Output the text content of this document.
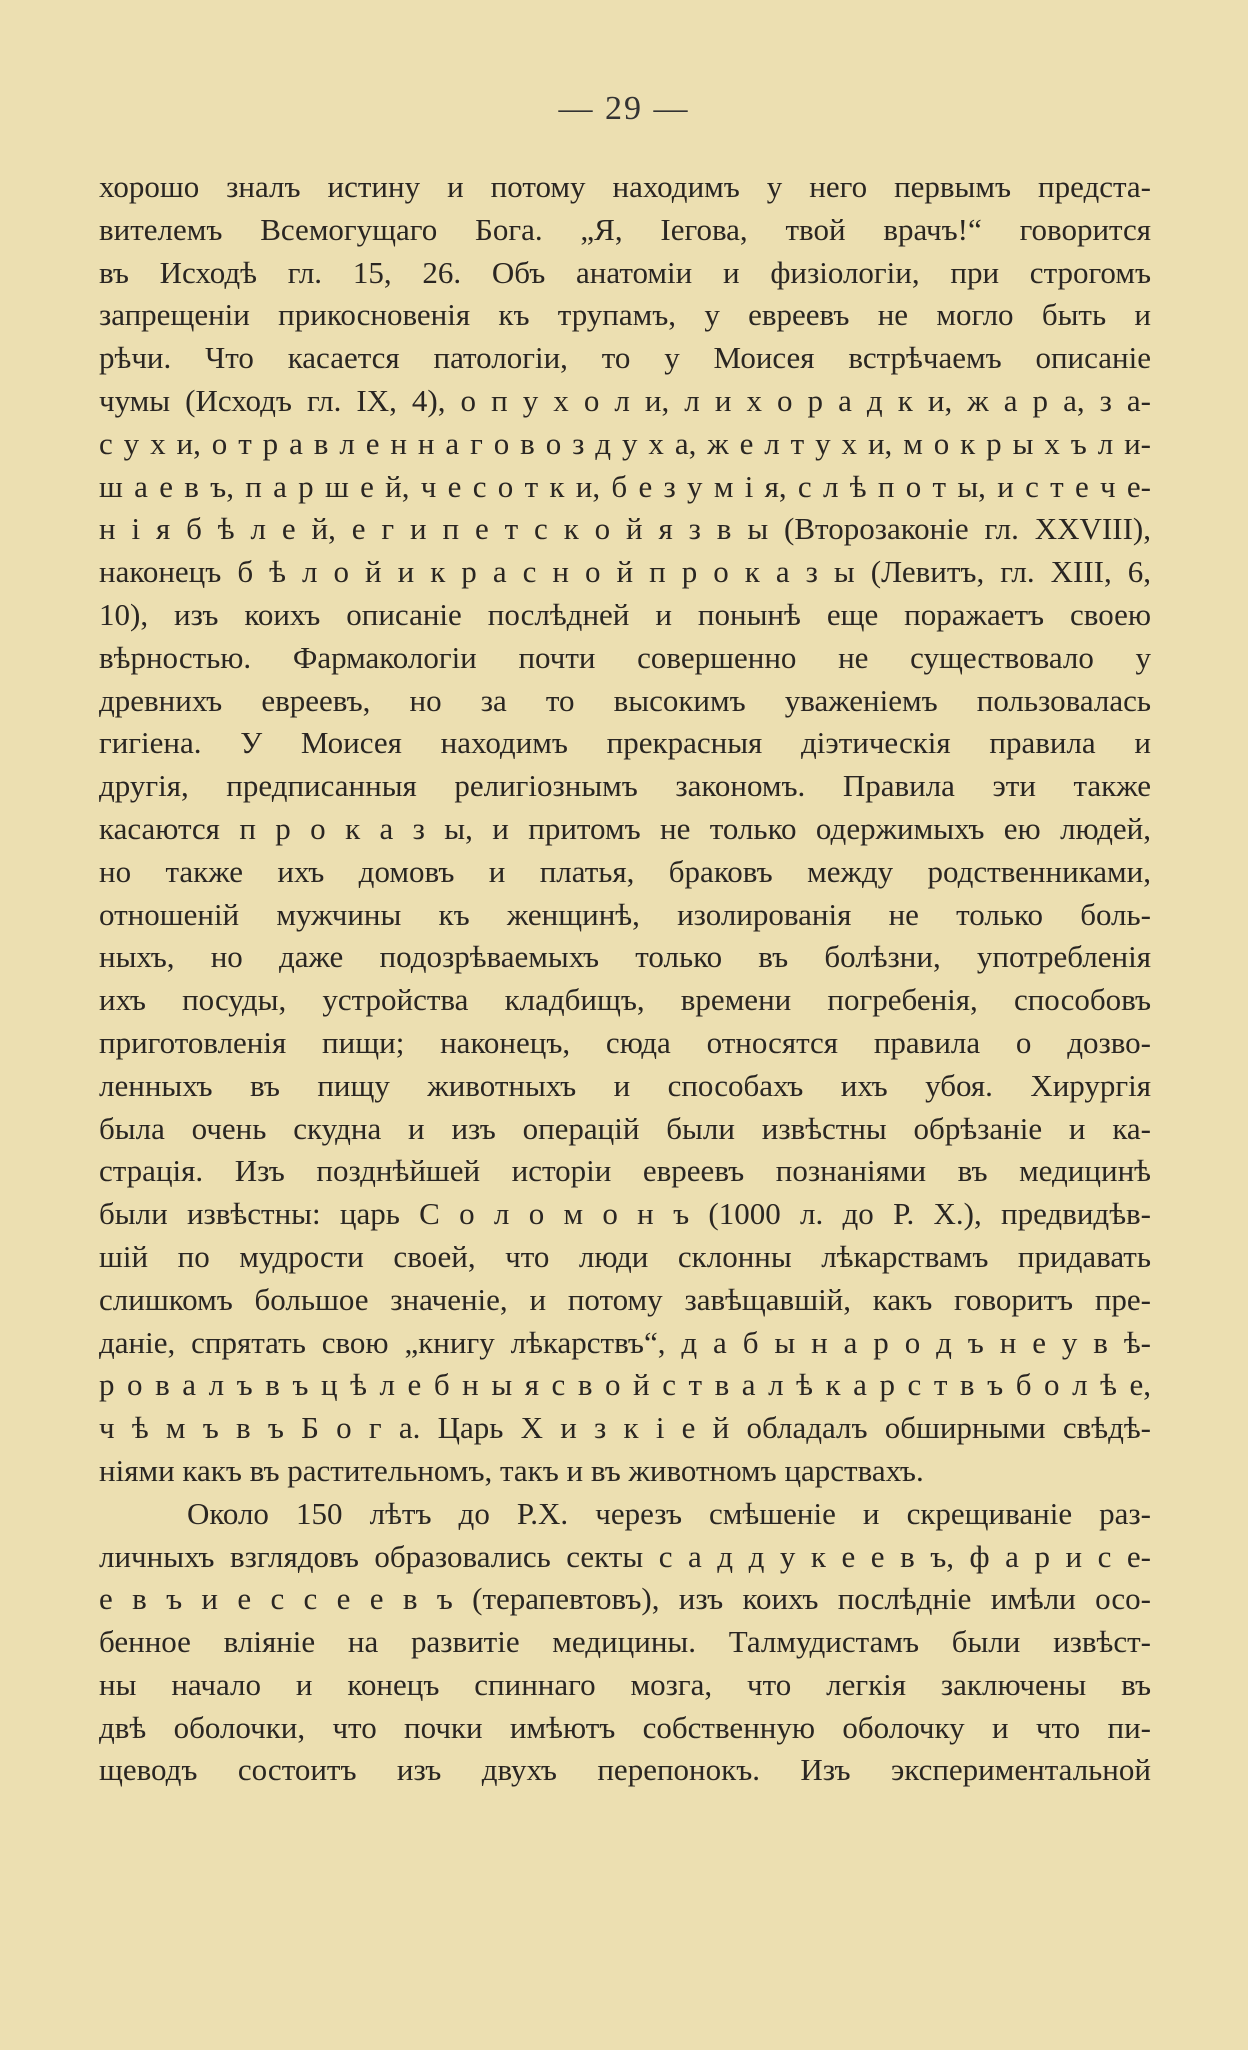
— 29 —
хорошо зналъ истину и потому находимъ у него первымъ предста-
вителемъ Всемогущаго Бога. „Я, Iегова, твой врачъ!“ говорится
въ Исходѣ гл. 15, 26. Объ анатомiи и физiологiи, при строгомъ
запрещенiи прикосновенiя къ трупамъ, у евреевъ не могло быть и
рѣчи. Что касается патологiи, то у Моисея встрѣчаемъ описанiе
чумы (Исходъ гл. IX, 4), о п у х о л и, л и х о р а д к и, ж а р а, з а-
с у х и, о т р а в л е н н а г о в о з д у х а, ж е л т у х и, м о к р ы х ъ л и-
ш а е в ъ, п а р ш е й, ч е с о т к и, б е з у м i я, с л ѣ п о т ы, и с т е ч е-
н i я б ѣ л е й, е г и п е т с к о й я з в ы (Второзаконiе гл. XXVIII),
наконецъ б ѣ л о й и к р а с н о й п р о к а з ы (Левитъ, гл. XIII, 6,
10), изъ коихъ описанiе послѣдней и понынѣ еще поражаетъ своею
вѣрностью. Фармакологiи почти совершенно не существовало у
древнихъ евреевъ, но за то высокимъ уваженiемъ пользовалась
гигiена. У Моисея находимъ прекрасныя дiэтическiя правила и
другiя, предписанныя религiознымъ закономъ. Правила эти также
касаются п р о к а з ы, и притомъ не только одержимыхъ ею людей,
но также ихъ домовъ и платья, браковъ между родственниками,
отношенiй мужчины къ женщинѣ, изолированiя не только боль-
ныхъ, но даже подозрѣваемыхъ только въ болѣзни, употребленiя
ихъ посуды, устройства кладбищъ, времени погребенiя, способовъ
приготовленiя пищи; наконецъ, сюда относятся правила о дозво-
ленныхъ въ пищу животныхъ и способахъ ихъ убоя. Хирургiя
была очень скудна и изъ операцiй были извѣстны обрѣзанiе и ка-
страцiя. Изъ позднѣйшей исторiи евреевъ познанiями въ медицинѣ
были извѣстны: царь С о л о м о н ъ (1000 л. до Р. Х.), предвидѣв-
шiй по мудрости своей, что люди склонны лѣкарствамъ придавать
слишкомъ большое значенiе, и потому завѣщавшiй, какъ говоритъ пре-
данiе, спрятать свою „книгу лѣкарствъ“, д а б ы н а р о д ъ н е у в ѣ-
р о в а л ъ в ъ ц ѣ л е б н ы я с в о й с т в а л ѣ к а р с т в ъ б о л ѣ е,
ч ѣ м ъ в ъ Б о г а. Царь Х и з к i е й обладалъ обширными свѣдѣ-
нiями какъ въ растительномъ, такъ и въ животномъ царствахъ.
Около 150 лѣтъ до Р.Х. черезъ смѣшенiе и скрещиванiе раз-
личныхъ взглядовъ образовались секты с а д д у к е е в ъ, ф а р и с е-
е в ъ и е с с е е в ъ (терапевтовъ), изъ коихъ послѣднiе имѣли осо-
бенное влiянiе на развитiе медицины. Талмудистамъ были извѣст-
ны начало и конецъ спиннаго мозга, что легкiя заключены въ
двѣ оболочки, что почки имѣютъ собственную оболочку и что пи-
щеводъ состоитъ изъ двухъ перепонокъ. Изъ экспериментальной
